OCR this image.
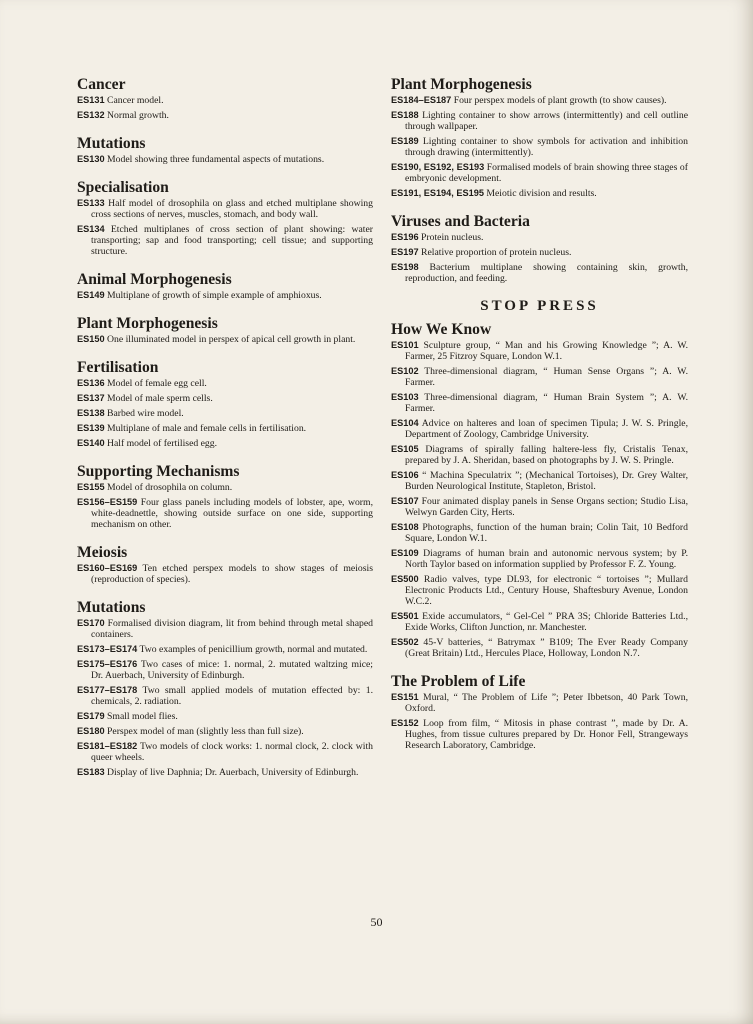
Cancer

ES131 Cancer model.

ES132 Normal growth.

Mutations

ES130 Model showing three fundamental aspects of mutations.

Specialisation

ES133 Half model of drosophila on glass and etched multiplane showing cross sections of nerves, muscles, stomach, and body wall.

ES134 Etched multiplanes of cross section of plant showing: water transporting; sap and food transporting; cell tissue; and supporting structure.

Animal Morphogenesis

ES149 Multiplane of growth of simple example of amphioxus.

Plant Morphogenesis

ES150 One illuminated model in perspex of apical cell growth in plant.

Fertilisation

ES136 Model of female egg cell.

ES137 Model of male sperm cells.

ES138 Barbed wire model.

ES139 Multiplane of male and female cells in fertilisation.

ES140 Half model of fertilised egg.

Supporting Mechanisms

ES155 Model of drosophila on column.

ES156–ES159 Four glass panels including models of lobster, ape, worm, white-deadnettle, showing outside surface on one side, supporting mechanism on other.

Meiosis

ES160–ES169 Ten etched perspex models to show stages of meiosis (reproduction of species).

Mutations

ES170 Formalised division diagram, lit from behind through metal shaped containers.

ES173–ES174 Two examples of penicillium growth, normal and mutated.

ES175–ES176 Two cases of mice: 1. normal, 2. mutated waltzing mice; Dr. Auerbach, University of Edinburgh.

ES177–ES178 Two small applied models of mutation effected by: 1. chemicals, 2. radiation.

ES179 Small model flies.

ES180 Perspex model of man (slightly less than full size).

ES181–ES182 Two models of clock works: 1. normal clock, 2. clock with queer wheels.

ES183 Display of live Daphnia; Dr. Auerbach, University of Edinburgh.

Plant Morphogenesis

ES184–ES187 Four perspex models of plant growth (to show causes).

ES188 Lighting container to show arrows (intermittently) and cell outline through wallpaper.

ES189 Lighting container to show symbols for activation and inhibition through drawing (intermittently).

ES190, ES192, ES193 Formalised models of brain showing three stages of embryonic development.

ES191, ES194, ES195 Meiotic division and results.

Viruses and Bacteria

ES196 Protein nucleus.

ES197 Relative proportion of protein nucleus.

ES198 Bacterium multiplane showing containing skin, growth, reproduction, and feeding.

STOP PRESS
How We Know

ES101 Sculpture group, “ Man and his Growing Knowledge ”; A. W. Farmer, 25 Fitzroy Square, London W.1.

ES102 Three-dimensional diagram, “ Human Sense Organs ”; A. W. Farmer.

ES103 Three-dimensional diagram, “ Human Brain System ”; A. W. Farmer.

ES104 Advice on halteres and loan of specimen Tipula; J. W. S. Pringle, Department of Zoology, Cambridge University.

ES105 Diagrams of spirally falling haltere-less fly, Cristalis Tenax, prepared by J. A. Sheridan, based on photographs by J. W. S. Pringle.

ES106 “ Machina Speculatrix ”; (Mechanical Tortoises), Dr. Grey Walter, Burden Neurological Institute, Stapleton, Bristol.

ES107 Four animated display panels in Sense Organs section; Studio Lisa, Welwyn Garden City, Herts.

ES108 Photographs, function of the human brain; Colin Tait, 10 Bedford Square, London W.1.

ES109 Diagrams of human brain and autonomic nervous system; by P. North Taylor based on information supplied by Professor F. Z. Young.

ES500 Radio valves, type DL93, for electronic “ tortoises ”; Mullard Electronic Products Ltd., Century House, Shaftesbury Avenue, London W.C.2.

ES501 Exide accumulators, “ Gel-Cel ” PRA 3S; Chloride Batteries Ltd., Exide Works, Clifton Junction, nr. Manchester.

ES502 45-V batteries, “ Batrymax ” B109; The Ever Ready Company (Great Britain) Ltd., Hercules Place, Holloway, London N.7.

The Problem of Life

ES151 Mural, “ The Problem of Life ”; Peter Ibbetson, 40 Park Town, Oxford.

ES152 Loop from film, “ Mitosis in phase contrast ”, made by Dr. A. Hughes, from tissue cultures prepared by Dr. Honor Fell, Strangeways Research Laboratory, Cambridge.

50
